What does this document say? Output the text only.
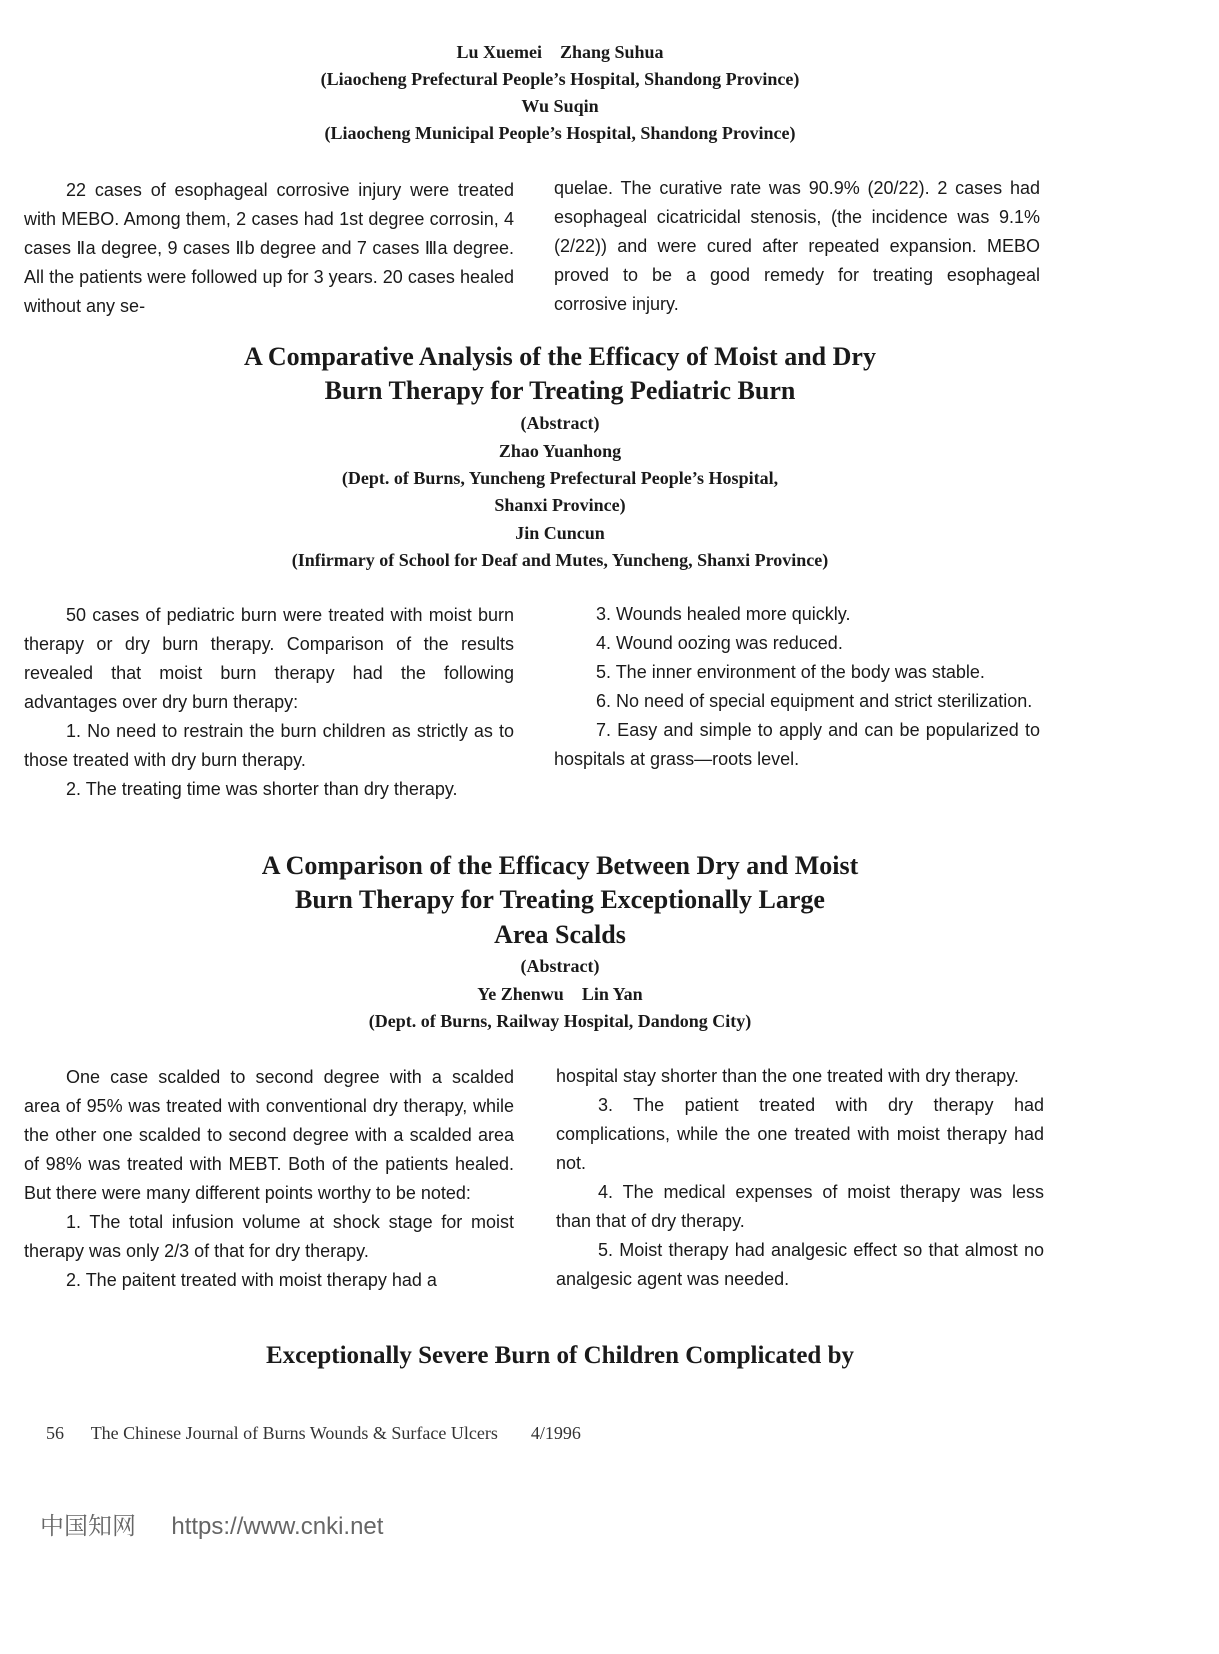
Lu Xuemei　Zhang Suhua
(Liaocheng Prefectural People’s Hospital, Shandong Province)
Wu Suqin
(Liaocheng Municipal People’s Hospital, Shandong Province)

22 cases of esophageal corrosive injury were treated with MEBO. Among them, 2 cases had 1st degree corrosin, 4 cases Ⅱa degree, 9 cases Ⅱb degree and 7 cases Ⅲa degree. All the patients were followed up for 3 years. 20 cases healed without any se-

quelae. The curative rate was 90.9% (20/22). 2 cases had esophageal cicatricidal stenosis, (the incidence was 9.1% (2/22)) and were cured after repeated expansion. MEBO proved to be a good remedy for treating esophageal corrosive injury.

A Comparative Analysis of the Efficacy of Moist and Dry
Burn Therapy for Treating Pediatric Burn
(Abstract)
Zhao Yuanhong
(Dept. of Burns, Yuncheng Prefectural People’s Hospital,
Shanxi Province)
Jin Cuncun
(Infirmary of School for Deaf and Mutes, Yuncheng, Shanxi Province)

50 cases of pediatric burn were treated with moist burn therapy or dry burn therapy. Comparison of the results revealed that moist burn therapy had the following advantages over dry burn therapy:

1. No need to restrain the burn children as strictly as to those treated with dry burn therapy.

2. The treating time was shorter than dry therapy.

3. Wounds healed more quickly.

4. Wound oozing was reduced.

5. The inner environment of the body was stable.

6. No need of special equipment and strict sterilization.

7. Easy and simple to apply and can be popularized to hospitals at grass—roots level.

A Comparison of the Efficacy Between Dry and Moist
Burn Therapy for Treating Exceptionally Large
Area Scalds
(Abstract)
Ye Zhenwu　Lin Yan
(Dept. of Burns, Railway Hospital, Dandong City)

One case scalded to second degree with a scalded area of 95% was treated with conventional dry therapy, while the other one scalded to second degree with a scalded area of 98% was treated with MEBT. Both of the patients healed. But there were many different points worthy to be noted:

1. The total infusion volume at shock stage for moist therapy was only 2/3 of that for dry therapy.

2. The paitent treated with moist therapy had a

hospital stay shorter than the one treated with dry therapy.

3. The patient treated with dry therapy had complications, while the one treated with moist therapy had not.

4. The medical expenses of moist therapy was less than that of dry therapy.

5. Moist therapy had analgesic effect so that almost no analgesic agent was needed.

Exceptionally Severe Burn of Children Complicated by
56 The Chinese Journal of Burns Wounds & Surface Ulcers 4/1996
中国知网 https://www.cnki.net
